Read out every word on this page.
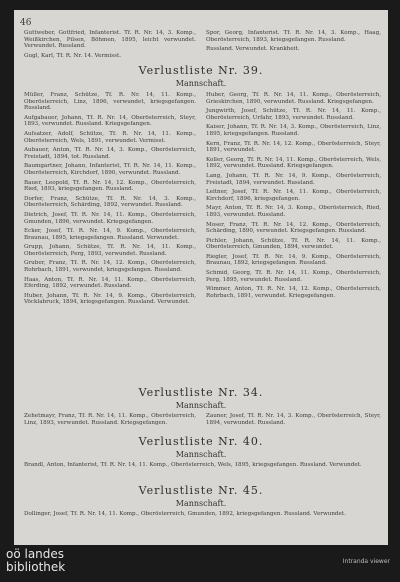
46

Guttweber, Gottfried, Infanterist. Tf. R. Nr. 14, 3. Komp., Weißkirchen, Pilsen, Böhmen, 1895, leicht verwundet. Verwundet. Russland.

Gugl, Karl, Tf. R. Nr. 14. Vermisst.

Spor, Georg, Infanterist. Tf. R. Nr. 14, 3. Komp., Haag, Oberösterreich, 1893, kriegsgefangen. Russland.

Russland. Verwundet. Krankheit.

Verlustliste Nr. 39.
Mannschaft.

Müller, Franz, Schütze, Tf. R. Nr. 14, 11. Komp., Oberösterreich, Linz, 1896, verwundet, kriegsgefangen. Russland.

Aufgabauer, Johann, Tf. R. Nr. 14, Oberösterreich, Steyr, 1893, verwundet. Russland. Kriegsgefangen.

Aufsatzer, Adolf, Schütze, Tf. R. Nr. 14, 11. Komp., Oberösterreich, Wels, 1891, verwundet. Vermisst.

Aubauer, Anton, Tf. R. Nr. 14, 3. Komp., Oberösterreich, Freistadt, 1894, tot. Russland.

Baumgartner, Johann, Infanterist, Tf. R. Nr. 14, 11. Komp., Oberösterreich, Kirchdorf, 1890, verwundet. Russland.

Bauer, Leopold, Tf. R. Nr. 14, 12. Komp., Oberösterreich, Ried, 1893, kriegsgefangen. Russland.

Dorfer, Franz, Schütze, Tf. R. Nr. 14, 3. Komp., Oberösterreich, Schärding, 1892, verwundet. Russland.

Dietrich, Josef, Tf. R. Nr. 14, 11. Komp., Oberösterreich, Gmunden, 1896, verwundet. Kriegsgefangen.

Ecker, Josef, Tf. R. Nr. 14, 9. Komp., Oberösterreich, Braunau, 1895, kriegsgefangen. Russland. Verwundet.

Grupp, Johann, Schütze, Tf. R. Nr. 14, 11. Komp., Oberösterreich, Perg, 1893, verwundet. Russland.

Gruber, Franz, Tf. R. Nr. 14, 12. Komp., Oberösterreich, Rohrbach, 1891, verwundet, kriegsgefangen. Russland.

Haas, Anton, Tf. R. Nr. 14, 11. Komp., Oberösterreich, Eferding, 1892, verwundet. Russland.

Huber, Johann, Tf. R. Nr. 14, 9. Komp., Oberösterreich, Vöcklabruck, 1894, kriegsgefangen. Russland. Verwundet.

Huber, Georg, Tf. R. Nr. 14, 11. Komp., Oberösterreich, Grieskirchen, 1890, verwundet. Russland. Kriegsgefangen.

Jungwirth, Josef, Schütze, Tf. R. Nr. 14, 11. Komp., Oberösterreich, Urfahr, 1893, verwundet. Russland.

Kaiser, Johann, Tf. R. Nr. 14, 3. Komp., Oberösterreich, Linz, 1895, kriegsgefangen. Russland.

Kern, Franz, Tf. R. Nr. 14, 12. Komp., Oberösterreich, Steyr, 1891, verwundet.

Koller, Georg, Tf. R. Nr. 14, 11. Komp., Oberösterreich, Wels, 1892, verwundet. Russland. Kriegsgefangen.

Lang, Johann, Tf. R. Nr. 14, 9. Komp., Oberösterreich, Freistadt, 1894, verwundet. Russland.

Leitner, Josef, Tf. R. Nr. 14, 11. Komp., Oberösterreich, Kirchdorf, 1896, kriegsgefangen.

Mayr, Anton, Tf. R. Nr. 14, 3. Komp., Oberösterreich, Ried, 1893, verwundet. Russland.

Moser, Franz, Tf. R. Nr. 14, 12. Komp., Oberösterreich, Schärding, 1890, verwundet. Kriegsgefangen. Russland.

Pichler, Johann, Schütze, Tf. R. Nr. 14, 11. Komp., Oberösterreich, Gmunden, 1894, verwundet.

Riegler, Josef, Tf. R. Nr. 14, 9. Komp., Oberösterreich, Braunau, 1892, kriegsgefangen. Russland.

Schmid, Georg, Tf. R. Nr. 14, 11. Komp., Oberösterreich, Perg, 1895, verwundet. Russland.

Wimmer, Anton, Tf. R. Nr. 14, 12. Komp., Oberösterreich, Rohrbach, 1891, verwundet. Kriegsgefangen.

Verlustliste Nr. 34.
Mannschaft.

Zehetmayr, Franz, Tf. R. Nr. 14, 11. Komp., Oberösterreich, Linz, 1893, verwundet. Russland. Kriegsgefangen.

Zauner, Josef, Tf. R. Nr. 14, 3. Komp., Oberösterreich, Steyr, 1894, verwundet. Russland.

Verlustliste Nr. 40.
Mannschaft.
Brandl, Anton, Infanterist, Tf. R. Nr. 14, 11. Komp., Oberösterreich, Wels, 1895, kriegsgefangen. Russland. Verwundet.
Verlustliste Nr. 45.
Mannschaft.
Dollinger, Josef, Tf. R. Nr. 14, 11. Komp., Oberösterreich, Gmunden, 1892, kriegsgefangen. Russland. Verwundet.
oö landes
bibliothek	Intranda viewer
